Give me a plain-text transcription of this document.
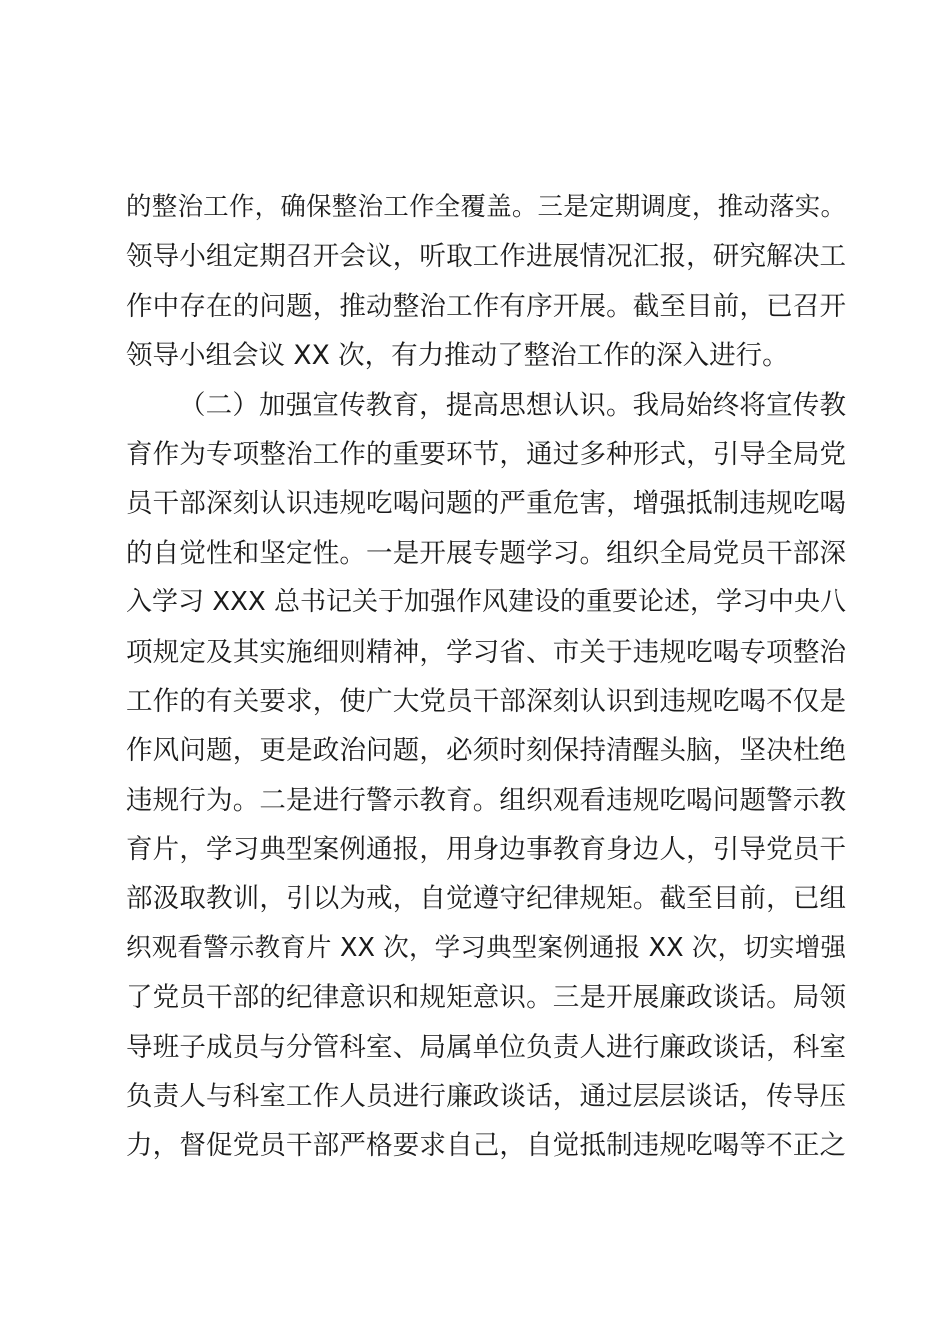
的整治工作，确保整治工作全覆盖。三是定期调度，推动落实。
领导小组定期召开会议，听取工作进展情况汇报，研究解决工
作中存在的问题，推动整治工作有序开展。截至目前，已召开
领导小组会议 XX 次，有力推动了整治工作的深入进行。
（二）加强宣传教育，提高思想认识。我局始终将宣传教
育作为专项整治工作的重要环节，通过多种形式，引导全局党
员干部深刻认识违规吃喝问题的严重危害，增强抵制违规吃喝
的自觉性和坚定性。一是开展专题学习。组织全局党员干部深
入学习 XXX 总书记关于加强作风建设的重要论述，学习中央八
项规定及其实施细则精神，学习省、市关于违规吃喝专项整治
工作的有关要求，使广大党员干部深刻认识到违规吃喝不仅是
作风问题，更是政治问题，必须时刻保持清醒头脑，坚决杜绝
违规行为。二是进行警示教育。组织观看违规吃喝问题警示教
育片，学习典型案例通报，用身边事教育身边人，引导党员干
部汲取教训，引以为戒，自觉遵守纪律规矩。截至目前，已组
织观看警示教育片 XX 次，学习典型案例通报 XX 次，切实增强
了党员干部的纪律意识和规矩意识。三是开展廉政谈话。局领
导班子成员与分管科室、局属单位负责人进行廉政谈话，科室
负责人与科室工作人员进行廉政谈话，通过层层谈话，传导压
力，督促党员干部严格要求自己，自觉抵制违规吃喝等不正之
